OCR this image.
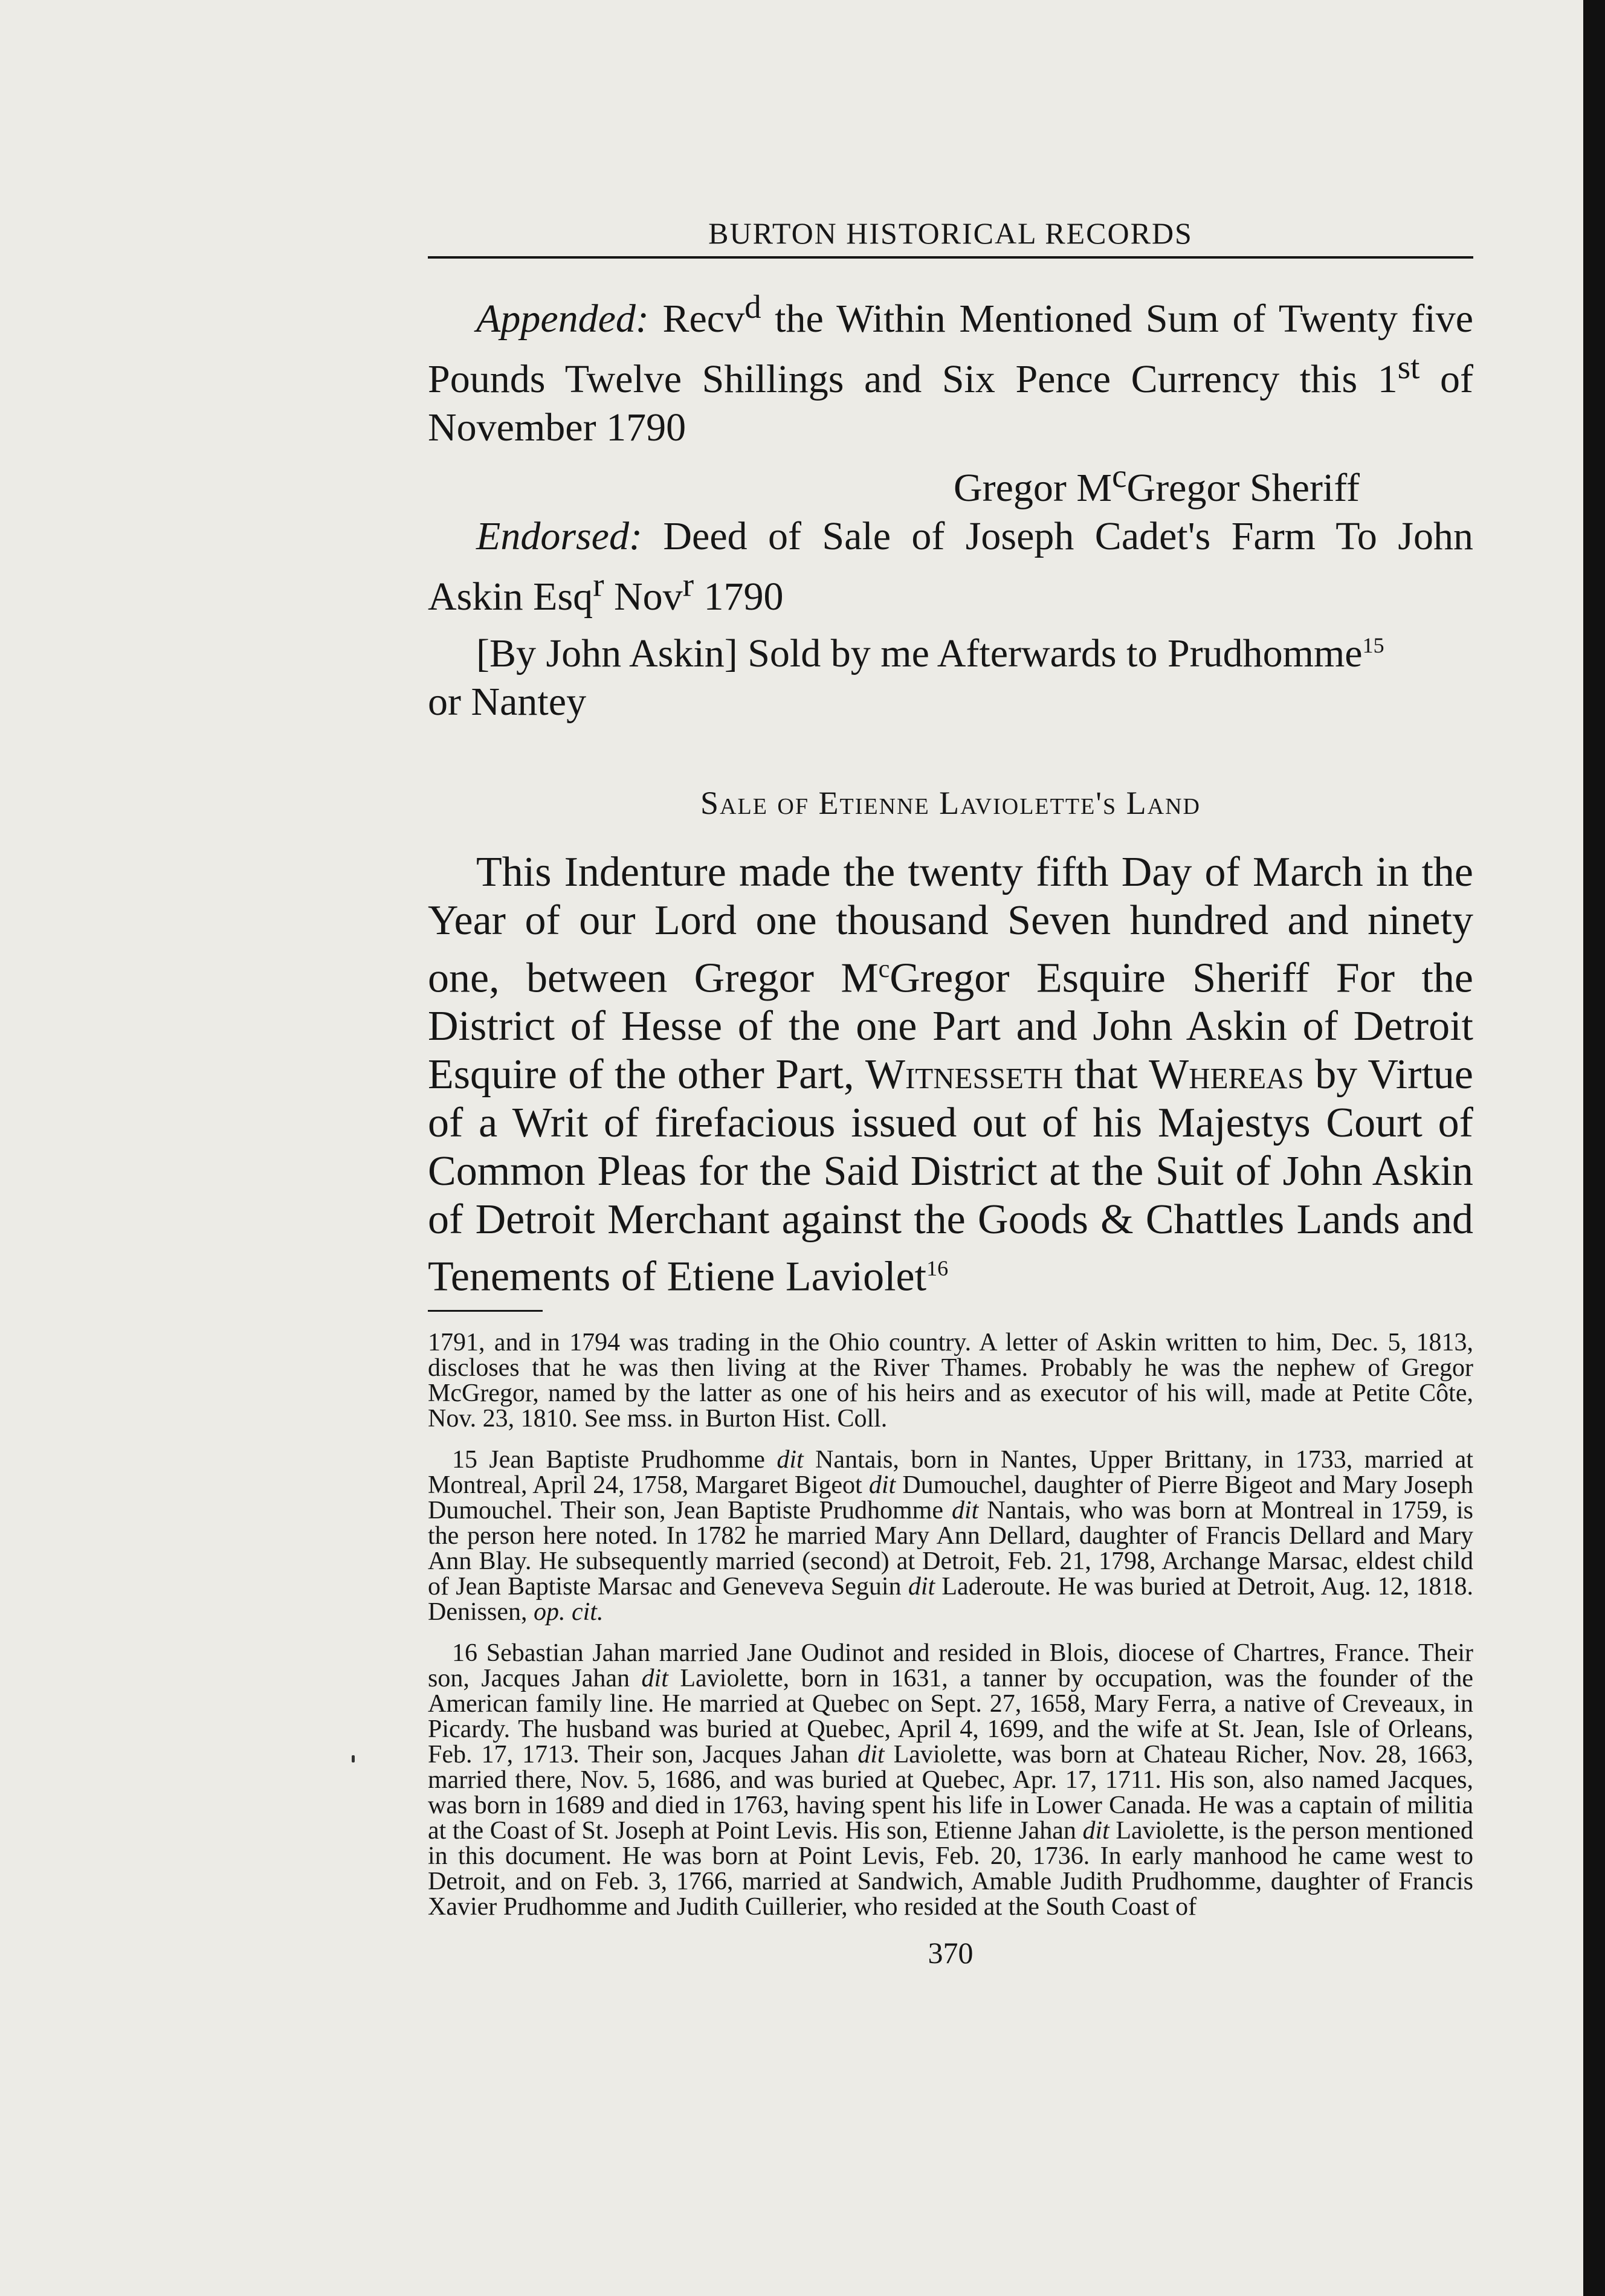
BURTON HISTORICAL RECORDS

Appended: Recv$^d$ the Within Mentioned Sum of Twenty five Pounds Twelve Shillings and Six Pence Currency this 1st of November 1790

Gregor $M^cGregor$ Sheriff

Endorsed: Deed of Sale of Joseph Cadet's Farm To John Askin Esq$^r$ Nov$^r$ 1790

[By John Askin] Sold by me Afterwards to Prudhomme$^{15}$
or Nantey

Sale of Etienne Laviolette's Land

This Indenture made the twenty fifth Day of March in the Year of our Lord one thousand Seven hundred and ninety one, between Gregor $M^cGregor$ Esquire Sheriff For the District of Hesse of the one Part and John Askin of Detroit Esquire of the other Part, Witnesseth that Whereas by Virtue of a Writ of firefacious issued out of his Majestys Court of Common Pleas for the Said District at the Suit of John Askin of Detroit Merchant against the Goods & Chattles Lands and Tenements of Etiene Laviolet$^{16}$

1791, and in 1794 was trading in the Ohio country. A letter of Askin written to him, Dec. 5, 1813, discloses that he was then living at the River Thames. Probably he was the nephew of Gregor McGregor, named by the latter as one of his heirs and as executor of his will, made at Petite Côte, Nov. 23, 1810. See mss. in Burton Hist. Coll.

15 Jean Baptiste Prudhomme dit Nantais, born in Nantes, Upper Brittany, in 1733, married at Montreal, April 24, 1758, Margaret Bigeot dit Dumouchel, daughter of Pierre Bigeot and Mary Joseph Dumouchel. Their son, Jean Baptiste Prudhomme dit Nantais, who was born at Montreal in 1759, is the person here noted. In 1782 he married Mary Ann Dellard, daughter of Francis Dellard and Mary Ann Blay. He subsequently married (second) at Detroit, Feb. 21, 1798, Archange Marsac, eldest child of Jean Baptiste Marsac and Geneveva Seguin dit Laderoute. He was buried at Detroit, Aug. 12, 1818. Denissen, op. cit.

16 Sebastian Jahan married Jane Oudinot and resided in Blois, diocese of Chartres, France. Their son, Jacques Jahan dit Laviolette, born in 1631, a tanner by occupation, was the founder of the American family line. He married at Quebec on Sept. 27, 1658, Mary Ferra, a native of Creveaux, in Picardy. The husband was buried at Quebec, April 4, 1699, and the wife at St. Jean, Isle of Orleans, Feb. 17, 1713. Their son, Jacques Jahan dit Laviolette, was born at Chateau Richer, Nov. 28, 1663, married there, Nov. 5, 1686, and was buried at Quebec, Apr. 17, 1711. His son, also named Jacques, was born in 1689 and died in 1763, having spent his life in Lower Canada. He was a captain of militia at the Coast of St. Joseph at Point Levis. His son, Etienne Jahan dit Laviolette, is the person mentioned in this document. He was born at Point Levis, Feb. 20, 1736. In early manhood he came west to Detroit, and on Feb. 3, 1766, married at Sandwich, Amable Judith Prudhomme, daughter of Francis Xavier Prudhomme and Judith Cuillerier, who resided at the South Coast of

370
